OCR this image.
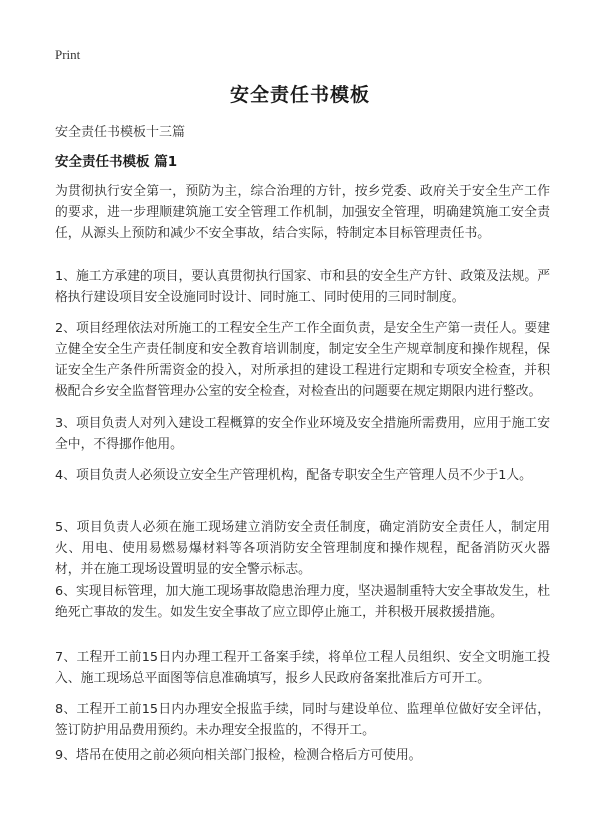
Print
安全责任书模板
安全责任书模板十三篇
安全责任书模板 篇1
为贯彻执行安全第一，预防为主，综合治理的方针，按乡党委、政府关于安全生产工作的要求，进一步理顺建筑施工安全管理工作机制，加强安全管理，明确建筑施工安全责任，从源头上预防和减少不安全事故，结合实际，特制定本目标管理责任书。
1、施工方承建的项目，要认真贯彻执行国家、市和县的安全生产方针、政策及法规。严格执行建设项目安全设施同时设计、同时施工、同时使用的三同时制度。
2、项目经理依法对所施工的工程安全生产工作全面负责，是安全生产第一责任人。要建立健全安全生产责任制度和安全教育培训制度，制定安全生产规章制度和操作规程，保证安全生产条件所需资金的投入，对所承担的建设工程进行定期和专项安全检查，并积极配合乡安全监督管理办公室的安全检查，对检查出的问题要在规定期限内进行整改。
3、项目负责人对列入建设工程概算的安全作业环境及安全措施所需费用，应用于施工安全中，不得挪作他用。
4、项目负责人必须设立安全生产管理机构，配备专职安全生产管理人员不少于1人。
5、项目负责人必须在施工现场建立消防安全责任制度，确定消防安全责任人，制定用火、用电、使用易燃易爆材料等各项消防安全管理制度和操作规程，配备消防灭火器材，并在施工现场设置明显的安全警示标志。
6、实现目标管理，加大施工现场事故隐患治理力度，坚决遏制重特大安全事故发生，杜绝死亡事故的发生。如发生安全事故了应立即停止施工，并积极开展救援措施。
7、工程开工前15日内办理工程开工备案手续，将单位工程人员组织、安全文明施工投入、施工现场总平面图等信息准确填写，报乡人民政府备案批准后方可开工。
8、工程开工前15日内办理安全报监手续，同时与建设单位、监理单位做好安全评估，签订防护用品费用预约。未办理安全报监的，不得开工。
9、塔吊在使用之前必须向相关部门报检，检测合格后方可使用。
